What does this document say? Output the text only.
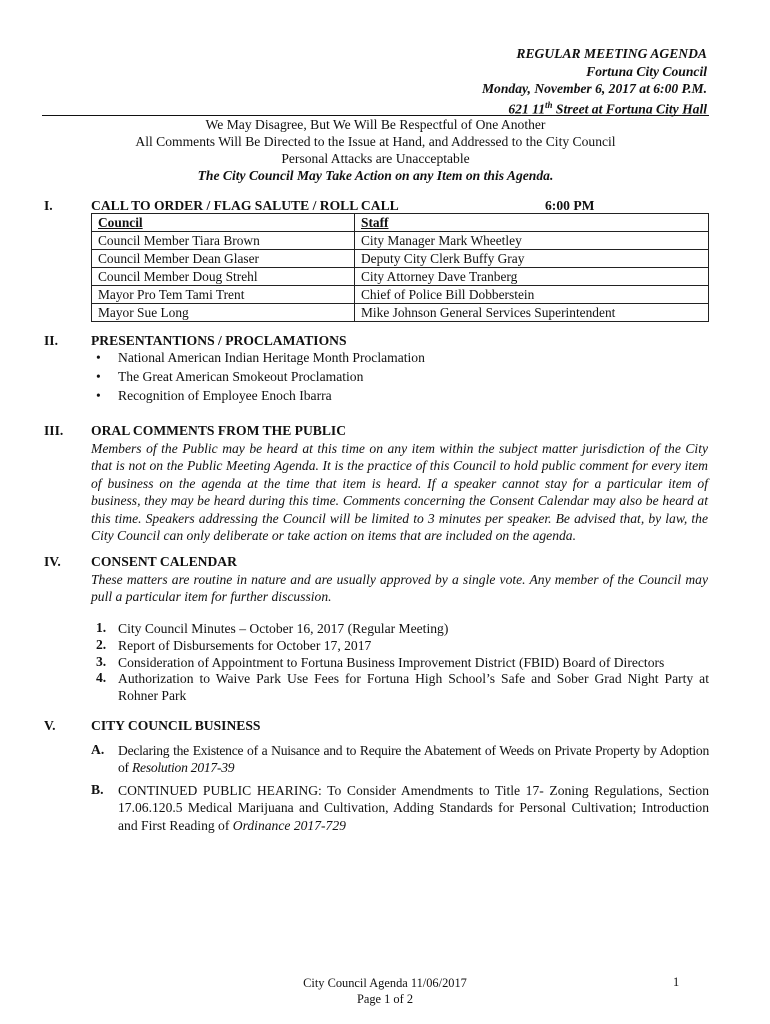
REGULAR MEETING AGENDA
Fortuna City Council
Monday, November 6, 2017 at 6:00 P.M.
621 11th Street at Fortuna City Hall
We May Disagree, But We Will Be Respectful of One Another
All Comments Will Be Directed to the Issue at Hand, and Addressed to the City Council
Personal Attacks are Unacceptable
The City Council May Take Action on any Item on this Agenda.
I.	CALL TO ORDER / FLAG SALUTE / ROLL CALL	6:00 PM
Council	Staff
Council Member Tiara Brown	City Manager Mark Wheetley
Council Member Dean Glaser	Deputy City Clerk Buffy Gray
Council Member Doug Strehl	City Attorney Dave Tranberg
Mayor Pro Tem Tami Trent	Chief of Police Bill Dobberstein
Mayor Sue Long	Mike Johnson General Services Superintendent
II. PRESENTANTIONS / PROCLAMATIONS
• National American Indian Heritage Month Proclamation
• The Great American Smokeout Proclamation
• Recognition of Employee Enoch Ibarra
III. ORAL COMMENTS FROM THE PUBLIC
Members of the Public may be heard at this time on any item within the subject matter jurisdiction of the City that is not on the Public Meeting Agenda. It is the practice of this Council to hold public comment for every item of business on the agenda at the time that item is heard. If a speaker cannot stay for a particular item of business, they may be heard during this time. Comments concerning the Consent Calendar may also be heard at this time. Speakers addressing the Council will be limited to 3 minutes per speaker. Be advised that, by law, the City Council can only deliberate or take action on items that are included on the agenda.
IV. CONSENT CALENDAR
These matters are routine in nature and are usually approved by a single vote. Any member of the Council may pull a particular item for further discussion.
1. City Council Minutes – October 16, 2017 (Regular Meeting)
2. Report of Disbursements for October 17, 2017
3. Consideration of Appointment to Fortuna Business Improvement District (FBID) Board of Directors
4. Authorization to Waive Park Use Fees for Fortuna High School’s Safe and Sober Grad Night Party at Rohner Park
V.	CITY COUNCIL BUSINESS
A. Declaring the Existence of a Nuisance and to Require the Abatement of Weeds on Private Property by Adoption of Resolution 2017-39
B. CONTINUED PUBLIC HEARING: To Consider Amendments to Title 17- Zoning Regulations, Section 17.06.120.5 Medical Marijuana and Cultivation, Adding Standards for Personal Cultivation; Introduction and First Reading of Ordinance 2017-729
City Council Agenda 11/06/2017
Page 1 of 2
1
